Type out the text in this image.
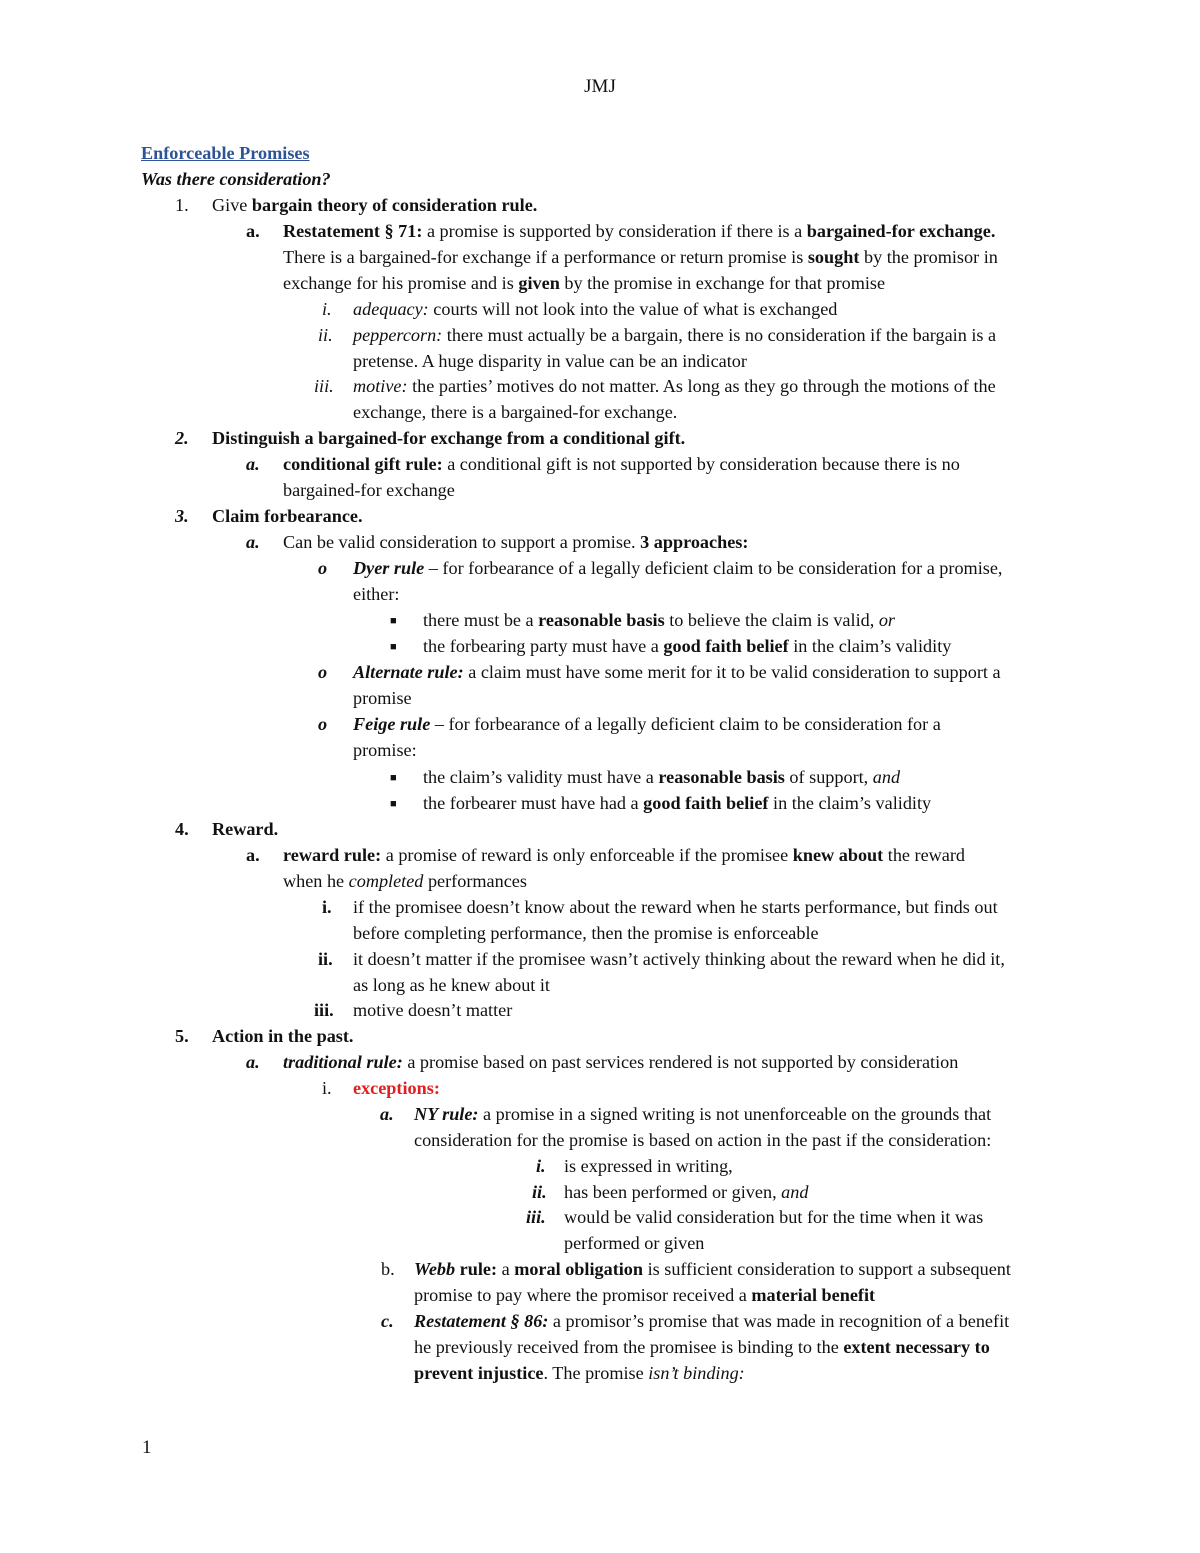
JMJ
Enforceable Promises
Was there consideration?
1. Give bargain theory of consideration rule.
a. Restatement § 71: a promise is supported by consideration if there is a bargained-for exchange.
There is a bargained-for exchange if a performance or return promise is sought by the promisor in
exchange for his promise and is given by the promise in exchange for that promise
i. adequacy: courts will not look into the value of what is exchanged
ii. peppercorn: there must actually be a bargain, there is no consideration if the bargain is a
pretense. A huge disparity in value can be an indicator
iii. motive: the parties’ motives do not matter. As long as they go through the motions of the
exchange, there is a bargained-for exchange.
2. Distinguish a bargained-for exchange from a conditional gift.
a. conditional gift rule: a conditional gift is not supported by consideration because there is no
bargained-for exchange
3. Claim forbearance.
a. Can be valid consideration to support a promise. 3 approaches:
o Dyer rule – for forbearance of a legally deficient claim to be consideration for a promise,
either:
■ there must be a reasonable basis to believe the claim is valid, or
■ the forbearing party must have a good faith belief in the claim’s validity
o Alternate rule: a claim must have some merit for it to be valid consideration to support a
promise
o Feige rule – for forbearance of a legally deficient claim to be consideration for a
promise:
■ the claim’s validity must have a reasonable basis of support, and
■ the forbearer must have had a good faith belief in the claim’s validity
4. Reward.
a. reward rule: a promise of reward is only enforceable if the promisee knew about the reward
when he completed performances
i. if the promisee doesn’t know about the reward when he starts performance, but finds out
before completing performance, then the promise is enforceable
ii. it doesn’t matter if the promisee wasn’t actively thinking about the reward when he did it,
as long as he knew about it
iii. motive doesn’t matter
5. Action in the past.
a. traditional rule: a promise based on past services rendered is not supported by consideration
i. exceptions:
a. NY rule: a promise in a signed writing is not unenforceable on the grounds that
consideration for the promise is based on action in the past if the consideration:
i. is expressed in writing,
ii. has been performed or given, and
iii. would be valid consideration but for the time when it was
performed or given
b. Webb rule: a moral obligation is sufficient consideration to support a subsequent
promise to pay where the promisor received a material benefit
c. Restatement § 86: a promisor’s promise that was made in recognition of a benefit
he previously received from the promisee is binding to the extent necessary to
prevent injustice. The promise isn’t binding:
1
